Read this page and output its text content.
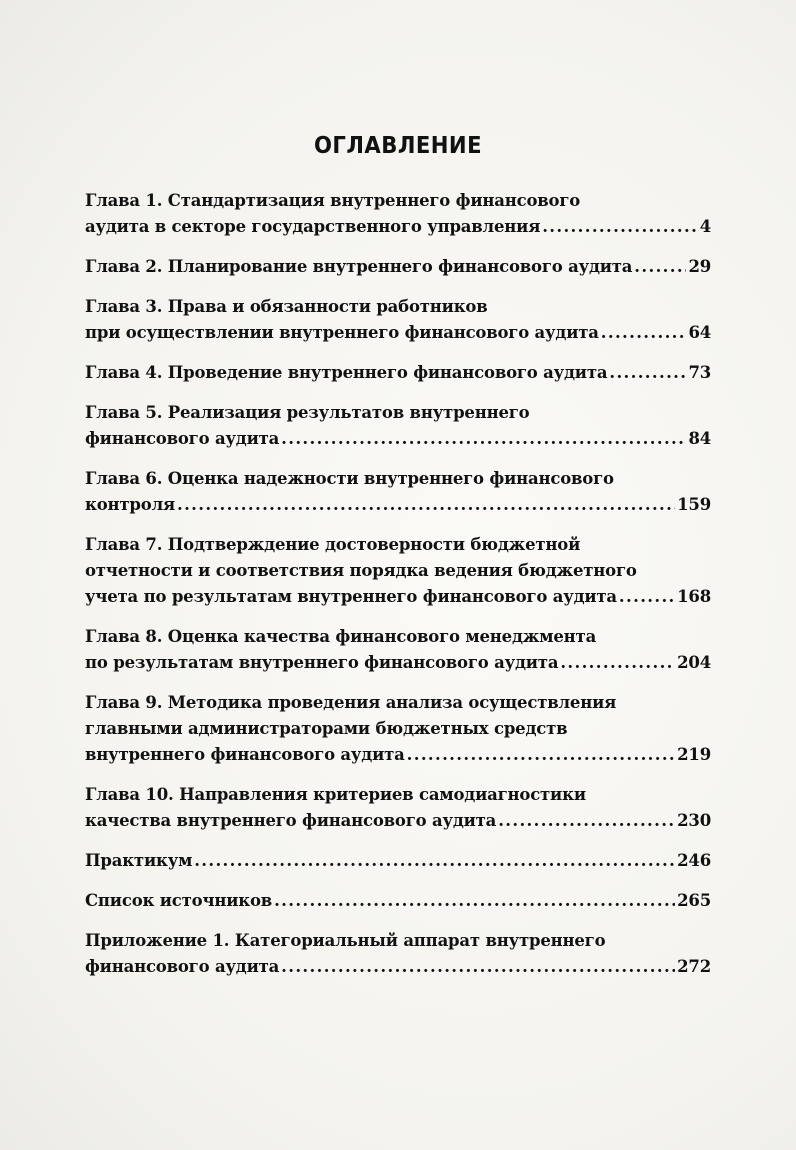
ОГЛАВЛЕНИЕ
Глава 1. Стандартизация внутреннего финансового
аудита в секторе государственного управления . . .	4
Глава 2. Планирование внутреннего финансового аудита . . .	29
Глава 3. Права и обязанности работников
при осуществлении внутреннего финансового аудита . . .	64
Глава 4. Проведение внутреннего финансового аудита . . .	73
Глава 5. Реализация результатов внутреннего
финансового аудита . . .	84
Глава 6. Оценка надежности внутреннего финансового
контроля . . .	159
Глава 7. Подтверждение достоверности бюджетной
отчетности и соответствия порядка ведения бюджетного
учета по результатам внутреннего финансового аудита . . .	168
Глава 8. Оценка качества финансового менеджмента
по результатам внутреннего финансового аудита . . .	204
Глава 9. Методика проведения анализа осуществления
главными администраторами бюджетных средств
внутреннего финансового аудита . . .	219
Глава 10. Направления критериев самодиагностики
качества внутреннего финансового аудита . . .	230
Практикум . . .	246
Список источников . . .	265
Приложение 1. Категориальный аппарат внутреннего
финансового аудита . . .	272
